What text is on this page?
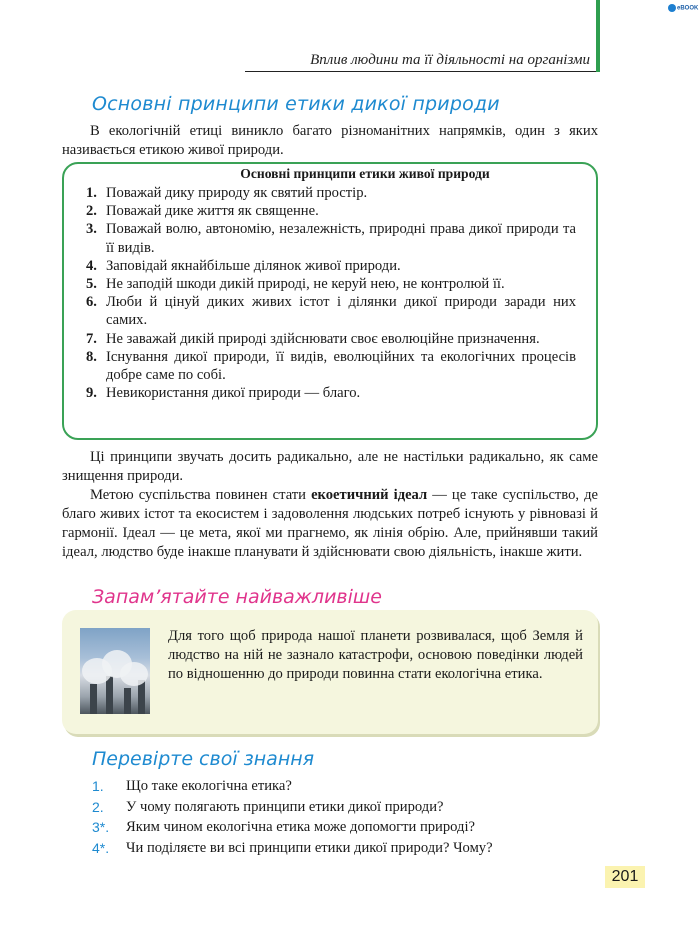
eBOOK
Вплив людини та її діяльності на організми
Основні принципи етики дикої природи

В екологічній етиці виникло багато різноманітних напрямків, один з яких називається етикою живої природи.

Основні принципи етики живої природи
1. Поважай дику природу як святий простір.
2. Поважай дике життя як священне.
3. Поважай волю, автономію, незалежність, природні права дикої природи та її видів.
4. Заповідай якнайбільше ділянок живої природи.
5. Не заподій шкоди дикій природі, не керуй нею, не контролюй її.
6. Люби й цінуй диких живих істот і ділянки дикої природи заради них самих.
7. Не заважай дикій природі здійснювати своє еволюційне призначення.
8. Існування дикої природи, її видів, еволюційних та екологічних процесів добре саме по собі.
9. Невикористання дикої природи — благо.

Ці принципи звучать досить радикально, але не настільки радикально, як саме знищення природи.

Метою суспільства повинен стати екоетичний ідеал — це таке суспільство, де благо живих істот та екосистем і задоволення людських потреб існують у рівновазі й гармонії. Ідеал — це мета, якої ми прагнемо, як лінія обрію. Але, прийнявши такий ідеал, людство буде інакше планувати й здійснювати свою діяльність, інакше жити.

Запам’ятайте найважливіше
Для того щоб природа нашої планети розвивалася, щоб Земля й людство на ній не зазнало катастрофи, основою поведінки людей по відношенню до природи повинна стати екологічна етика.
Перевірте свої знання
1.	Що таке екологічна етика?
2.	У чому полягають принципи етики дикої природи?
3*.	Яким чином екологічна етика може допомогти природі?
4*.	Чи поділяєте ви всі принципи етики дикої природи? Чому?
201
